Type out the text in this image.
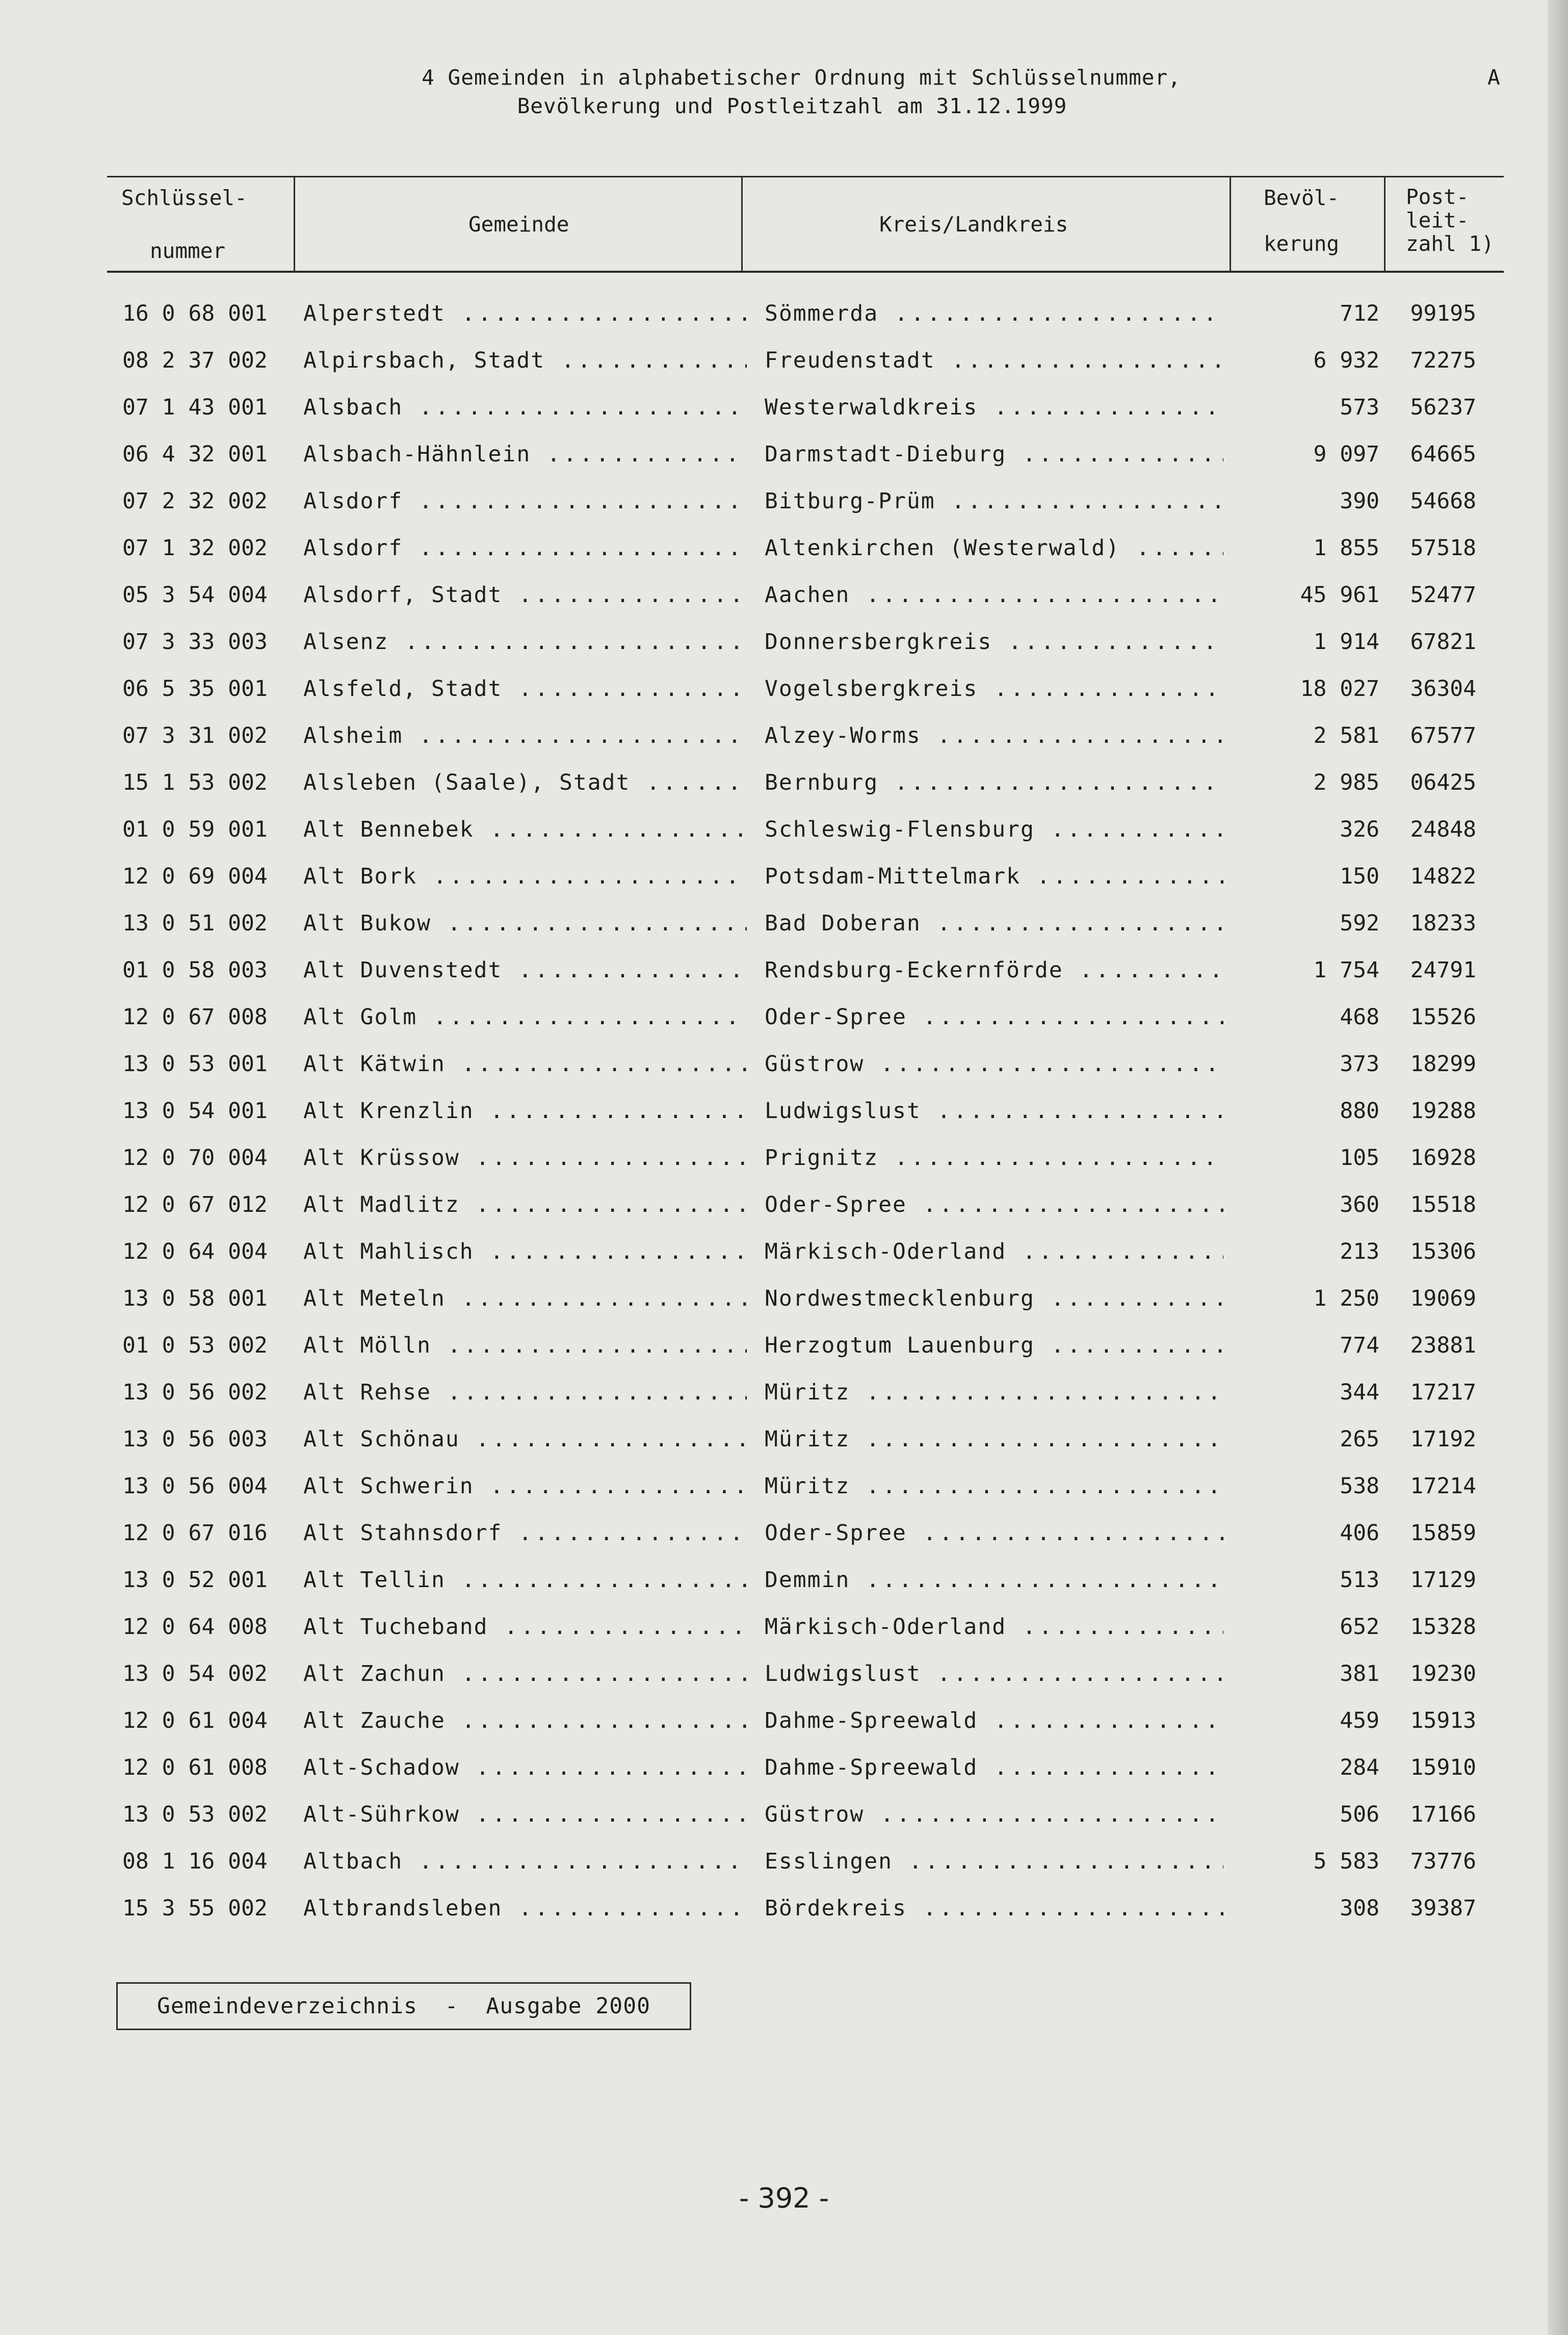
4 Gemeinden in alphabetischer Ordnung mit Schlüsselnummer,
Bevölkerung und Postleitzahl am 31.12.1999
A
Schlüssel-
nummer
Gemeinde	Kreis/Landkreis
Bevöl-
kerung
Post-
leit-
zahl 1)
16 0 68 001 Alperstedt .....	Sömmerda .....	712 99195
08 2 37 002 Alpirsbach, Stadt .....	Freudenstadt .....	6 932 72275
07 1 43 001 Alsbach .....	Westerwaldkreis .....	573 56237
06 4 32 001 Alsbach-Hähnlein .....	Darmstadt-Dieburg .....	9 097 64665
07 2 32 002 Alsdorf .....	Bitburg-Prüm .....	390 54668
07 1 32 002 Alsdorf .....	Altenkirchen (Westerwald) .....	1 855 57518
05 3 54 004 Alsdorf, Stadt .....	Aachen .....	45 961 52477
07 3 33 003 Alsenz .....	Donnersbergkreis .....	1 914 67821
06 5 35 001 Alsfeld, Stadt .....	Vogelsbergkreis .....	18 027 36304
07 3 31 002 Alsheim .....	Alzey-Worms .....	2 581 67577
15 1 53 002 Alsleben (Saale), Stadt .....	Bernburg .....	2 985 06425
01 0 59 001 Alt Bennebek .....	Schleswig-Flensburg .....	326 24848
12 0 69 004 Alt Bork .....	Potsdam-Mittelmark .....	150 14822
13 0 51 002 Alt Bukow .....	Bad Doberan .....	592 18233
01 0 58 003 Alt Duvenstedt .....	Rendsburg-Eckernförde .....	1 754 24791
12 0 67 008 Alt Golm .....	Oder-Spree .....	468 15526
13 0 53 001 Alt Kätwin .....	Güstrow .....	373 18299
13 0 54 001 Alt Krenzlin .....	Ludwigslust .....	880 19288
12 0 70 004 Alt Krüssow .....	Prignitz .....	105 16928
12 0 67 012 Alt Madlitz .....	Oder-Spree .....	360 15518
12 0 64 004 Alt Mahlisch .....	Märkisch-Oderland .....	213 15306
13 0 58 001 Alt Meteln .....	Nordwestmecklenburg .....	1 250 19069
01 0 53 002 Alt Mölln .....	Herzogtum Lauenburg .....	774 23881
13 0 56 002 Alt Rehse .....	Müritz .....	344 17217
13 0 56 003 Alt Schönau .....	Müritz .....	265 17192
13 0 56 004 Alt Schwerin .....	Müritz .....	538 17214
12 0 67 016 Alt Stahnsdorf .....	Oder-Spree .....	406 15859
13 0 52 001 Alt Tellin .....	Demmin .....	513 17129
12 0 64 008 Alt Tucheband .....	Märkisch-Oderland .....	652 15328
13 0 54 002 Alt Zachun .....	Ludwigslust .....	381 19230
12 0 61 004 Alt Zauche .....	Dahme-Spreewald .....	459 15913
12 0 61 008 Alt-Schadow .....	Dahme-Spreewald .....	284 15910
13 0 53 002 Alt-Sührkow .....	Güstrow .....	506 17166
08 1 16 004 Altbach .....	Esslingen .....	5 583 73776
15 3 55 002 Altbrandsleben .....	Bördekreis .....	308 39387
Gemeindeverzeichnis  -  Ausgabe 2000
- 392 -
